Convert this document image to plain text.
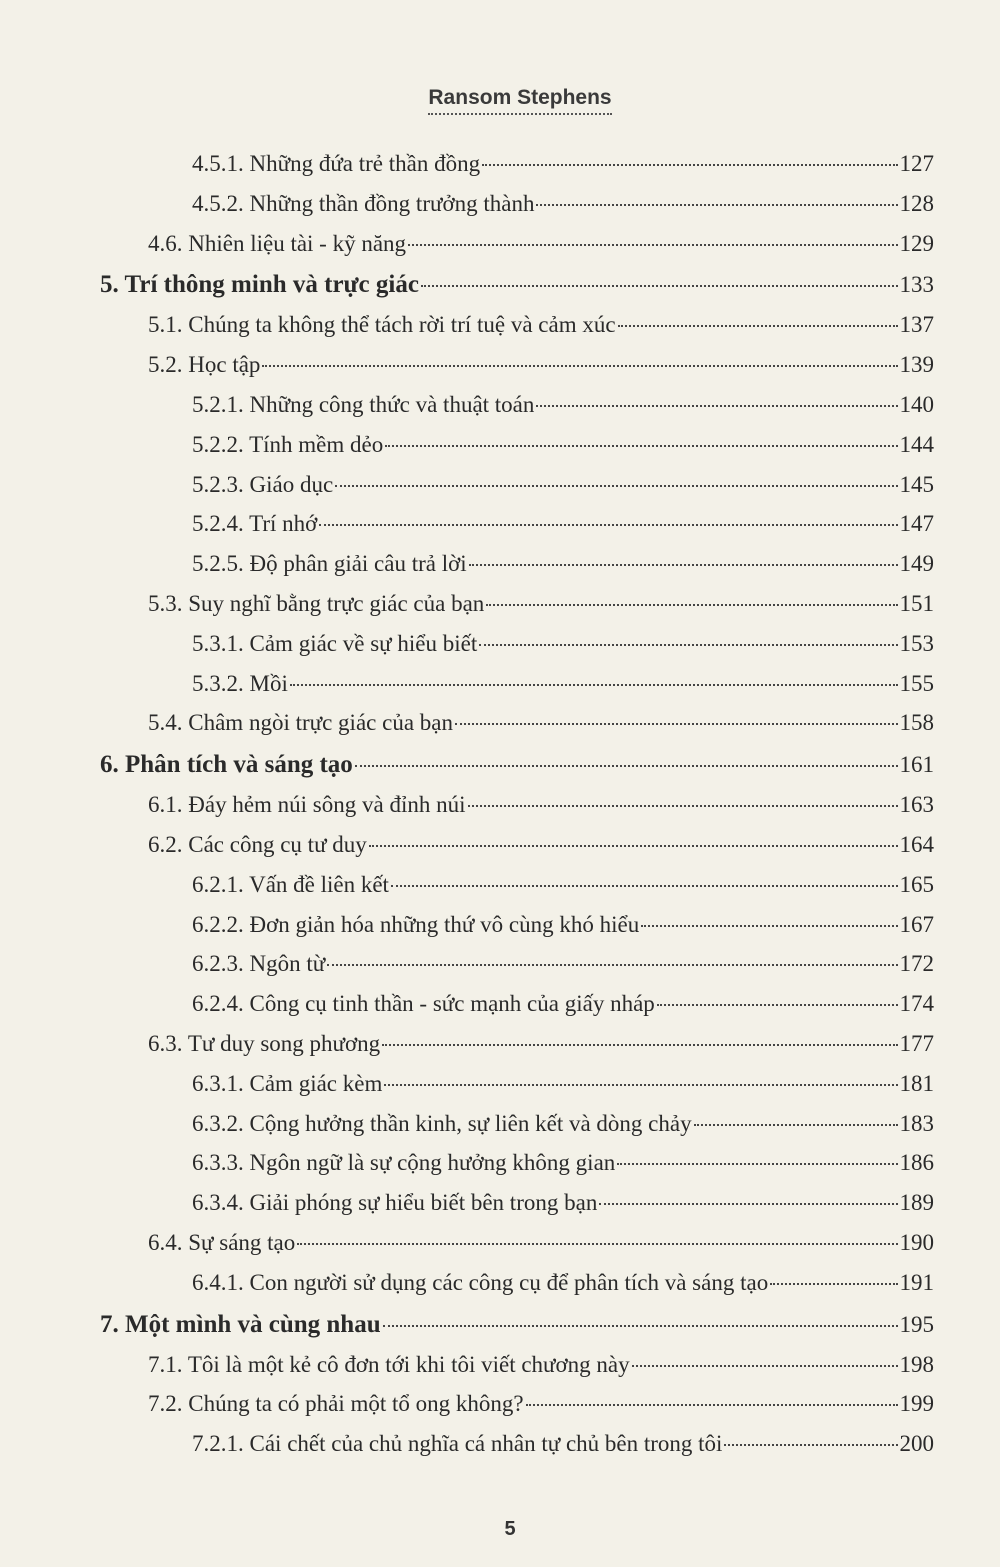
Ransom Stephens
4.5.1. Những đứa trẻ thần đồng	127
4.5.2. Những thần đồng trưởng thành	128
4.6. Nhiên liệu tài - kỹ năng	129
5. Trí thông minh và trực giác	133
5.1. Chúng ta không thể tách rời trí tuệ và cảm xúc	137
5.2. Học tập	139
5.2.1. Những công thức và thuật toán	140
5.2.2. Tính mềm dẻo	144
5.2.3. Giáo dục	145
5.2.4. Trí nhớ	147
5.2.5. Độ phân giải câu trả lời	149
5.3. Suy nghĩ bằng trực giác của bạn	151
5.3.1. Cảm giác về sự hiểu biết	153
5.3.2. Mồi	155
5.4. Châm ngòi trực giác của bạn	158
6. Phân tích và sáng tạo	161
6.1. Đáy hẻm núi sông và đỉnh núi	163
6.2. Các công cụ tư duy	164
6.2.1. Vấn đề liên kết	165
6.2.2. Đơn giản hóa những thứ vô cùng khó hiểu	167
6.2.3. Ngôn từ	172
6.2.4. Công cụ tinh thần - sức mạnh của giấy nháp	174
6.3. Tư duy song phương	177
6.3.1. Cảm giác kèm	181
6.3.2. Cộng hưởng thần kinh, sự liên kết và dòng chảy	183
6.3.3. Ngôn ngữ là sự cộng hưởng không gian	186
6.3.4. Giải phóng sự hiểu biết bên trong bạn	189
6.4. Sự sáng tạo	190
6.4.1. Con người sử dụng các công cụ để phân tích và sáng tạo	191
7. Một mình và cùng nhau	195
7.1. Tôi là một kẻ cô đơn tới khi tôi viết chương này	198
7.2. Chúng ta có phải một tổ ong không?	199
7.2.1. Cái chết của chủ nghĩa cá nhân tự chủ bên trong tôi	200
5
